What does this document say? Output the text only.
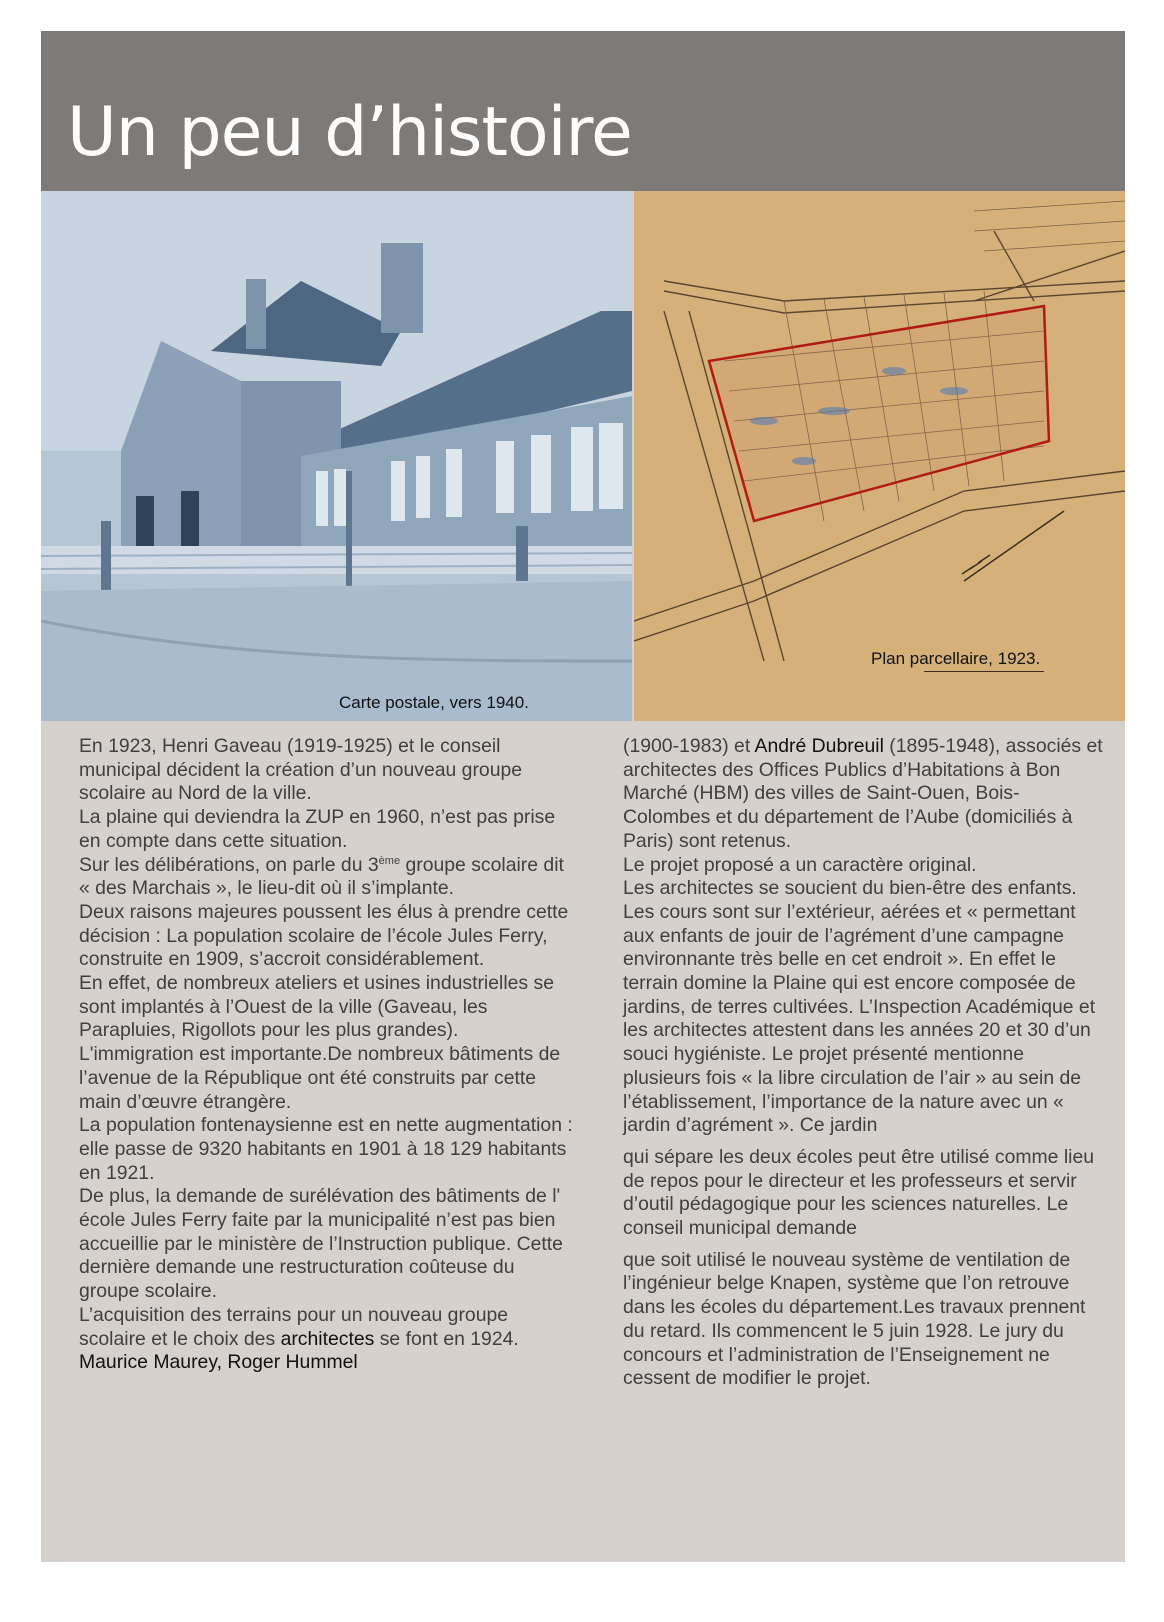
Un peu d’histoire
Carte postale, vers 1940.
Plan parcellaire, 1923.

En 1923, Henri Gaveau (1919-1925) et le conseil municipal décident la création d’un nouveau groupe scolaire au Nord de la ville.

La plaine qui deviendra la ZUP en 1960, n’est pas prise en compte dans cette situation.

Sur les délibérations, on parle du 3ème groupe scolaire dit « des Marchais », le lieu-dit où il s’implante.

Deux raisons majeures poussent les élus à prendre cette décision : La population scolaire de l’école Jules Ferry, construite en 1909, s’accroit considérablement.

En effet, de nombreux ateliers et usines industrielles se sont implantés à l’Ouest de la ville (Gaveau, les Parapluies, Rigollots pour les plus grandes).

L'immigration est importante.De nombreux bâtiments de l’avenue de la République ont été construits par cette main d’œuvre étrangère.

La population fontenaysienne est en nette augmentation : elle passe de 9320 habitants en 1901 à 18 129 habitants en 1921.

De plus, la demande de surélévation des bâtiments de l' école Jules Ferry faite par la municipalité n’est pas bien accueillie par le ministère de l’Instruction publique. Cette dernière demande une restructuration coûteuse du groupe scolaire.

L’acquisition des terrains pour un nouveau groupe scolaire et le choix des architectes se font en 1924. Maurice Maurey, Roger Hummel

(1900-1983) et André Dubreuil (1895-1948), associés et architectes des Offices Publics d’Habitations à Bon Marché (HBM) des villes de Saint-Ouen, Bois-Colombes et du département de l’Aube (domiciliés à Paris) sont retenus.

Le projet proposé a un caractère original.

Les architectes se soucient du bien-être des enfants. Les cours sont sur l’extérieur, aérées et « permettant aux enfants de jouir de l’agrément d’une campagne environnante très belle en cet endroit ». En effet le terrain domine la Plaine qui est encore composée de jardins, de terres cultivées. L’Inspection Académique et les architectes attestent dans les années 20 et 30 d’un souci hygiéniste. Le projet présenté mentionne plusieurs fois « la libre circulation de l’air » au sein de l’établissement, l’importance de la nature avec un « jardin d’agrément ». Ce jardin

qui sépare les deux écoles peut être utilisé comme lieu de repos pour le directeur et les professeurs et servir d’outil pédagogique pour les sciences naturelles. Le conseil municipal demande

que soit utilisé le nouveau système de ventilation de l’ingénieur belge Knapen, système que l’on retrouve dans les écoles du département.Les travaux prennent du retard. Ils commencent le 5 juin 1928. Le jury du concours et l’administration de l’Enseignement ne cessent de modifier le projet.
